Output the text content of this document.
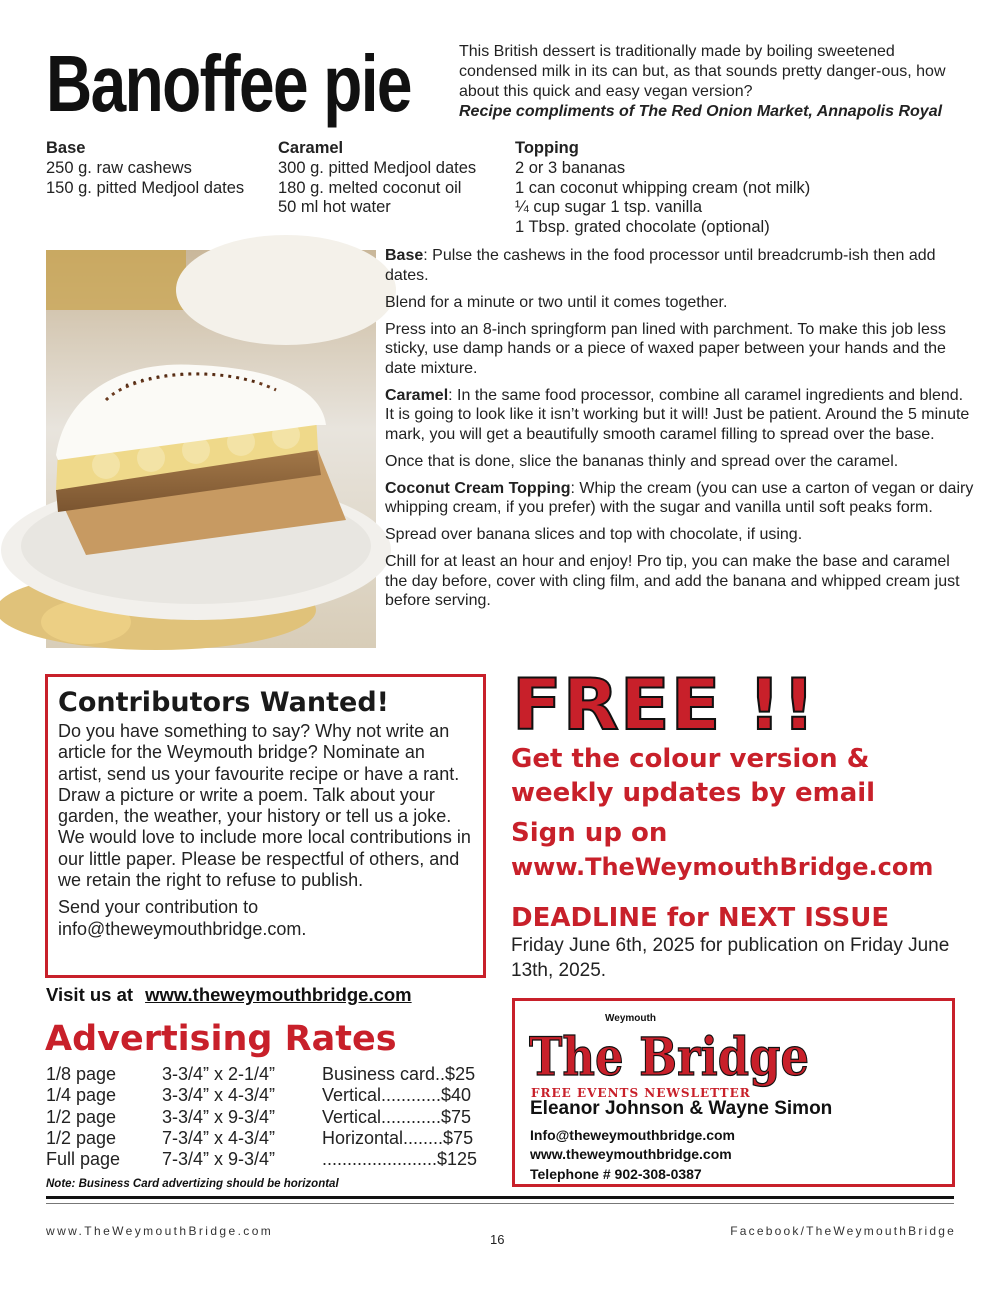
Banoffee pie	This British dessert is traditionally made by boiling sweetened condensed milk in its can but, as that sounds pretty danger-ous, how about this quick and easy vegan version?
Recipe compliments of The Red Onion Market, Annapolis Royal
Base
250 g. raw cashews
150 g. pitted Medjool dates
Caramel
300 g. pitted Medjool dates
180 g. melted coconut oil
50 ml hot water
Topping
2 or 3 bananas
1 can coconut whipping cream (not milk)
¼ cup sugar 1 tsp. vanilla
1 Tbsp. grated chocolate (optional)

Base: Pulse the cashews in the food processor until breadcrumb-ish then add dates.

Blend for a minute or two until it comes together.

Press into an 8-inch springform pan lined with parchment. To make this job less sticky, use damp hands or a piece of waxed paper between your hands and the date mixture.

Caramel: In the same food processor, combine all caramel ingredients and blend. It is going to look like it isn’t working but it will! Just be patient. Around the 5 minute mark, you will get a beautifully smooth caramel filling to spread over the base.

Once that is done, slice the bananas thinly and spread over the caramel.

Coconut Cream Topping: Whip the cream (you can use a carton of vegan or dairy whipping cream, if you prefer) with the sugar and vanilla until soft peaks form.

Spread over banana slices and top with chocolate, if using.

Chill for at least an hour and enjoy! Pro tip, you can make the base and caramel the day before, cover with cling film, and add the banana and whipped cream just before serving.

Contributors Wanted!

Do you have something to say? Why not write an article for the Weymouth bridge? Nominate an artist, send us your favourite recipe or have a rant. Draw a picture or write a poem. Talk about your garden, the weather, your history or tell us a joke. We would love to include more local contributions in our little paper. Please be respectful of others, and we retain the right to refuse to publish.

Send your contribution to info@theweymouthbridge.com.

FREE !!
Get the colour version &
weekly updates by email
Sign up on
www.TheWeymouthBridge.com
DEADLINE for NEXT ISSUE
Friday June 6th, 2025 for publication on Friday June 13th, 2025.
Visit us at www.theweymouthbridge.com
Advertising Rates
1/8 page	3-3/4” x 2-1/4”	Business card..$25
1/4 page	3-3/4” x 4-3/4”	Vertical............$40
1/2 page	3-3/4” x 9-3/4”	Vertical............$75
1/2 page	7-3/4” x 4-3/4”	Horizontal........$75
Full page 7-3/4” x 9-3/4”	.......................$125
Note: Business Card advertizing should be horizontal
Weymouth
The Bridge
FREE EVENTS NEWSLETTER
Eleanor Johnson & Wayne Simon
Info@theweymouthbridge.com
www.theweymouthbridge.com
Telephone # 902-308-0387
www.TheWeymouthBridge.com
16
Facebook/TheWeymouthBridge
